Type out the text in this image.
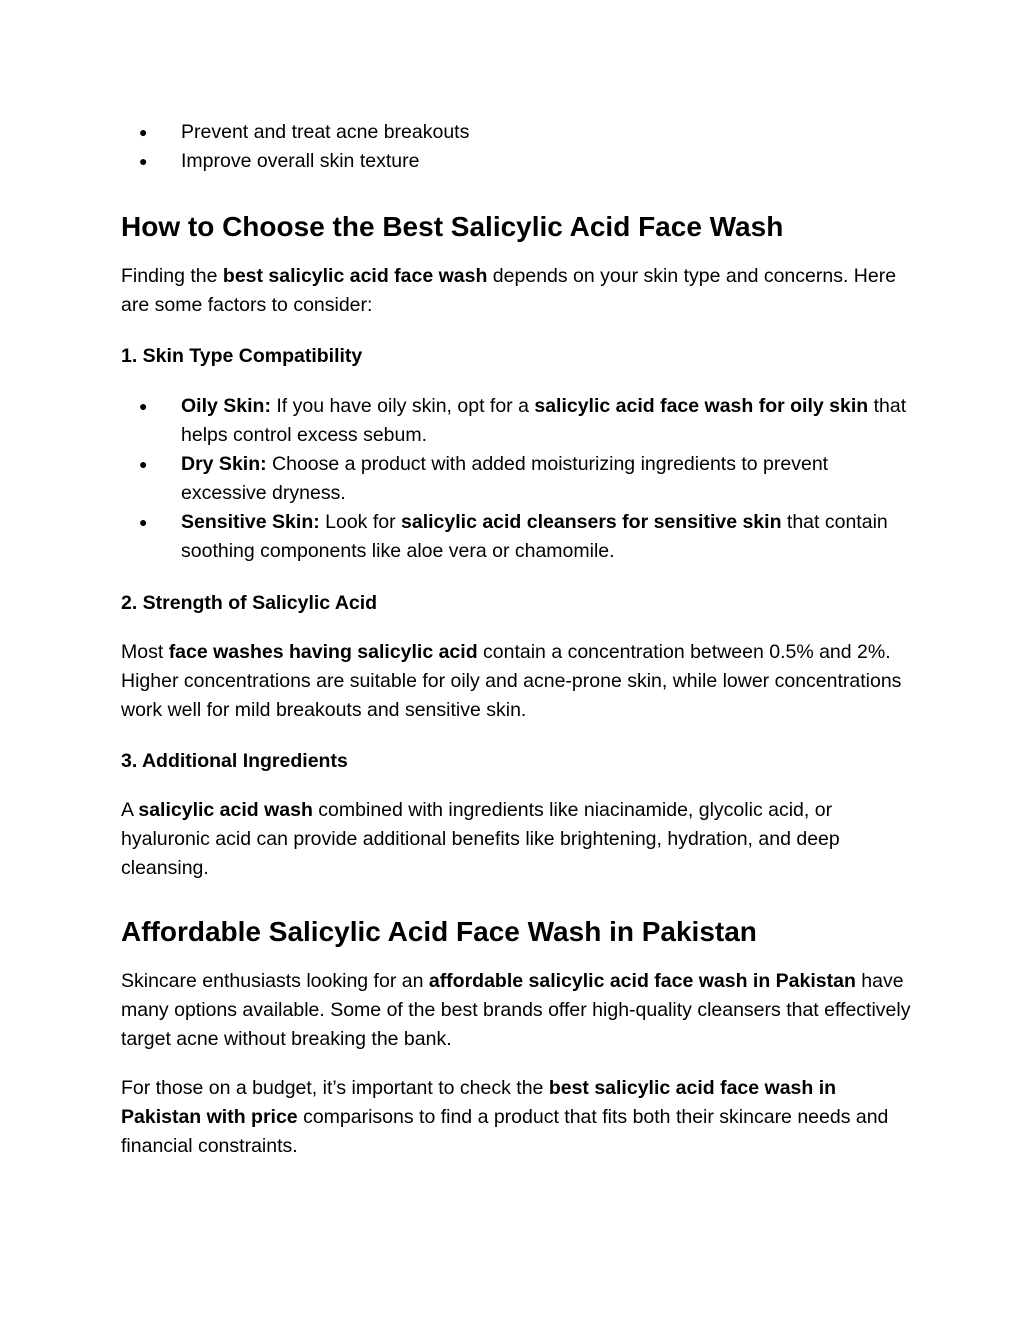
● Prevent and treat acne breakouts
● Improve overall skin texture
How to Choose the Best Salicylic Acid Face Wash

Finding the best salicylic acid face wash depends on your skin type and concerns. Here are some factors to consider:

1. Skin Type Compatibility
● Oily Skin: If you have oily skin, opt for a salicylic acid face wash for oily skin that helps control excess sebum.
● Dry Skin: Choose a product with added moisturizing ingredients to prevent excessive dryness.
● Sensitive Skin: Look for salicylic acid cleansers for sensitive skin that contain soothing components like aloe vera or chamomile.
2. Strength of Salicylic Acid

Most face washes having salicylic acid contain a concentration between 0.5% and 2%. Higher concentrations are suitable for oily and acne-prone skin, while lower concentrations work well for mild breakouts and sensitive skin.

3. Additional Ingredients

A salicylic acid wash combined with ingredients like niacinamide, glycolic acid, or hyaluronic acid can provide additional benefits like brightening, hydration, and deep cleansing.

Affordable Salicylic Acid Face Wash in Pakistan

Skincare enthusiasts looking for an affordable salicylic acid face wash in Pakistan have many options available. Some of the best brands offer high-quality cleansers that effectively target acne without breaking the bank.

For those on a budget, it’s important to check the best salicylic acid face wash in Pakistan with price comparisons to find a product that fits both their skincare needs and financial constraints.
